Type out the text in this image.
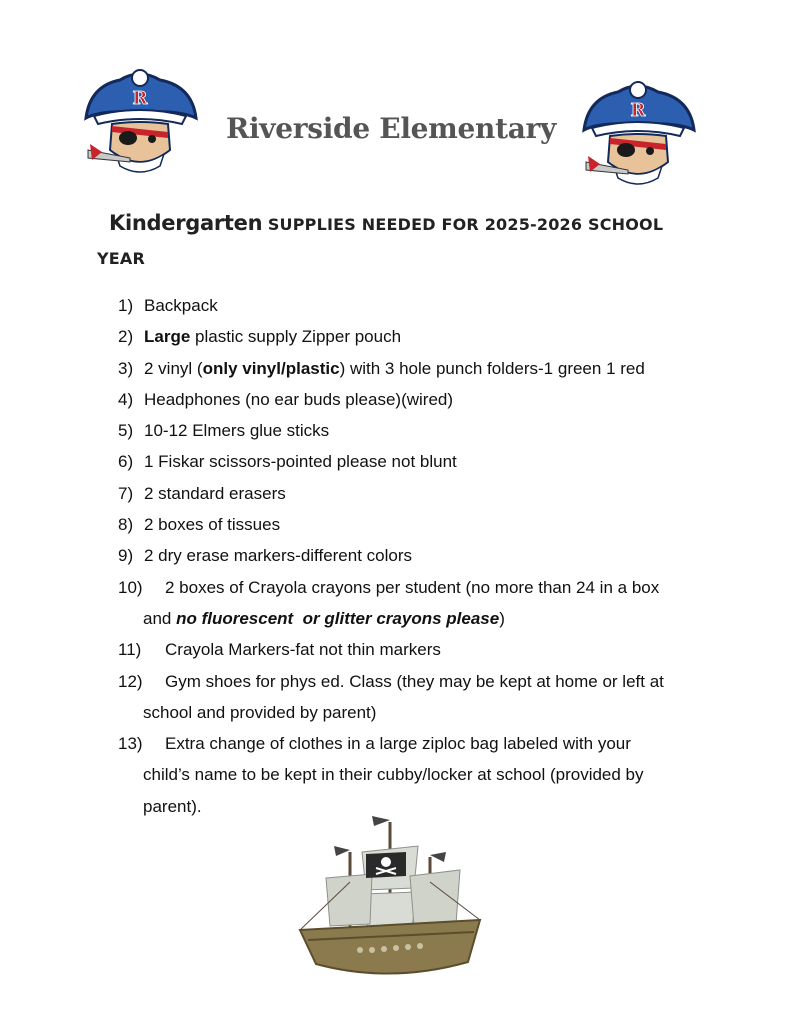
R
Riverside Elementary
R
Kindergarten SUPPLIES NEEDED FOR 2025-2026 SCHOOL
YEAR
1) Backpack
2) Large plastic supply Zipper pouch
3) 2 vinyl (only vinyl/plastic) with 3 hole punch folders-1 green 1 red
4) Headphones (no ear buds please)(wired)
5) 10-12 Elmers glue sticks
6) 1 Fiskar scissors-pointed please not blunt
7) 2 standard erasers
8) 2 boxes of tissues
9) 2 dry erase markers-different colors
10)	2 boxes of Crayola crayons per student (no more than 24 in a box
and no fluorescent  or glitter crayons please)
11)	Crayola Markers-fat not thin markers
12)	Gym shoes for phys ed. Class (they may be kept at home or left at
school and provided by parent)
13)	Extra change of clothes in a large ziploc bag labeled with your
child’s name to be kept in their cubby/locker at school (provided by
parent).
